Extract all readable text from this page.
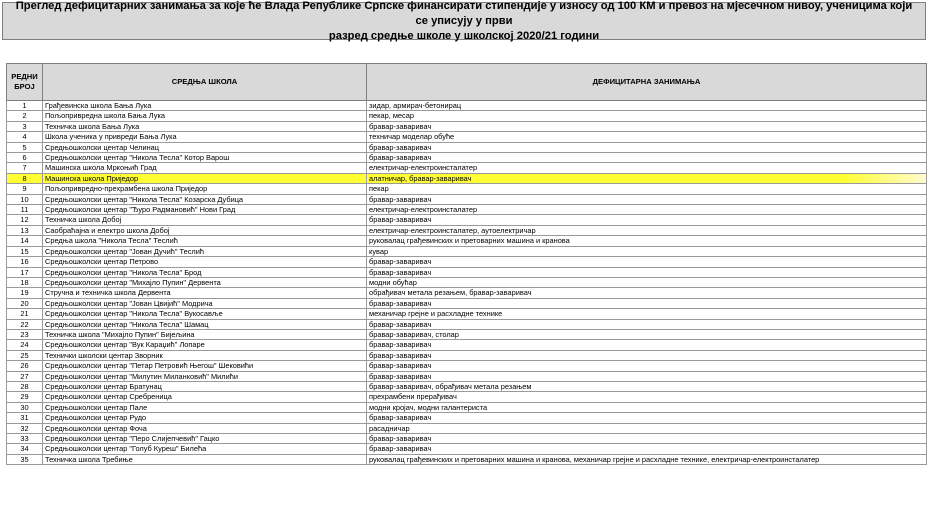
Преглед дефицитарних занимања за које ће Влада Републике Српске финансирати стипендије у износу од 100 КМ и превоз на мјесечном нивоу, ученицима који се уписују у први
разред средње школе у школској 2020/21 години
РЕДНИ
БРОЈ	СРЕДЊА ШКОЛА	ДЕФИЦИТАРНА ЗАНИМАЊА
1	Грађевинска школа Бања Лука	зидар, армирач-бетонирац
2	Пољопривредна школа Бања Лука	пекар, месар
3	Техничка школа Бања Лука	бравар-заваривач
4	Школа ученика у привреди Бања Лука	техничар моделар обуће
5	Средњошколски центар Челинац	бравар-заваривач
6	Средњошколски центар "Никола Тесла" Котор Варош	бравар-заваривач
7	Машинска школа Мркоњић Град	електричар-електроинсталатер
8	Машинска школа Приједор	алатничар, бравар-заваривач
9	Пољопривредно-прехрамбена школа Приједор	пекар
10	Средњошколски центар "Никола Тесла" Козарска Дубица	бравар-заваривач
11	Средњошколски центар "Ђуро Радмановић" Нови Град	електричар-електроинсталатер
12	Техничка школа Добој	бравар-заваривач
13	Саобраћајна и електро школа Добој	електричар-електроинсталатер, аутоелектричар
14	Средња школа "Никола Тесла" Теслић	руковалац грађевинских и претоварних машина и кранова
15	Средњошколски центар "Јован Дучић" Теслић	кувар
16	Средњошколски центар Петрово	бравар-заваривач
17	Средњошколски центар "Никола Тесла" Брод	бравар-заваривач
18	Средњошколски центар "Михајло Пупин" Дервента	модни обућар
19	Стручна и техничка школа Дервента	обрађивач метала резањем, бравар-заваривач
20	Средњошколски центар "Јован Цвијић" Модрича	бравар-заваривач
21	Средњошколски центар "Никола Тесла" Вукосавље	механичар грејне и расхладне технике
22	Средњошколски центар "Никола Тесла" Шамац	бравар-заваривач
23	Техничка школа "Михајло Пупин" Бијељина	бравар-заваривач, столар
24	Средњошколски центар "Вук Караџић" Лопаре	бравар-заваривач
25	Технички школски центар Зворник	бравар-заваривач
26	Средњошколски центар "Петар Петровић Његош" Шековићи	бравар-заваривач
27	Средњошколски центар "Милутин Миланковић" Милићи	бравар-заваривач
28	Средњошколски центар Братунац	бравар-заваривач, обрађивач метала резањем
29	Средњошколски центар Сребреница	прехрамбени прерађивач
30	Средњошколски центар Пале	модни кројач, модни галантериста
31	Средњошколски центар Рудо	бравар-заваривач
32	Средњошколски центар Фоча	расадничар
33	Средњошколски центар "Перо Слијепчевић" Гацко	бравар-заваривач
34	Средњошколски центар "Голуб Куреш" Билећа	бравар-заваривач
35	Техничка школа Требиње	руковалац грађевинских и претоварних машина и кранова, механичар грејне и расхладне технике, електричар-електроинсталатер
